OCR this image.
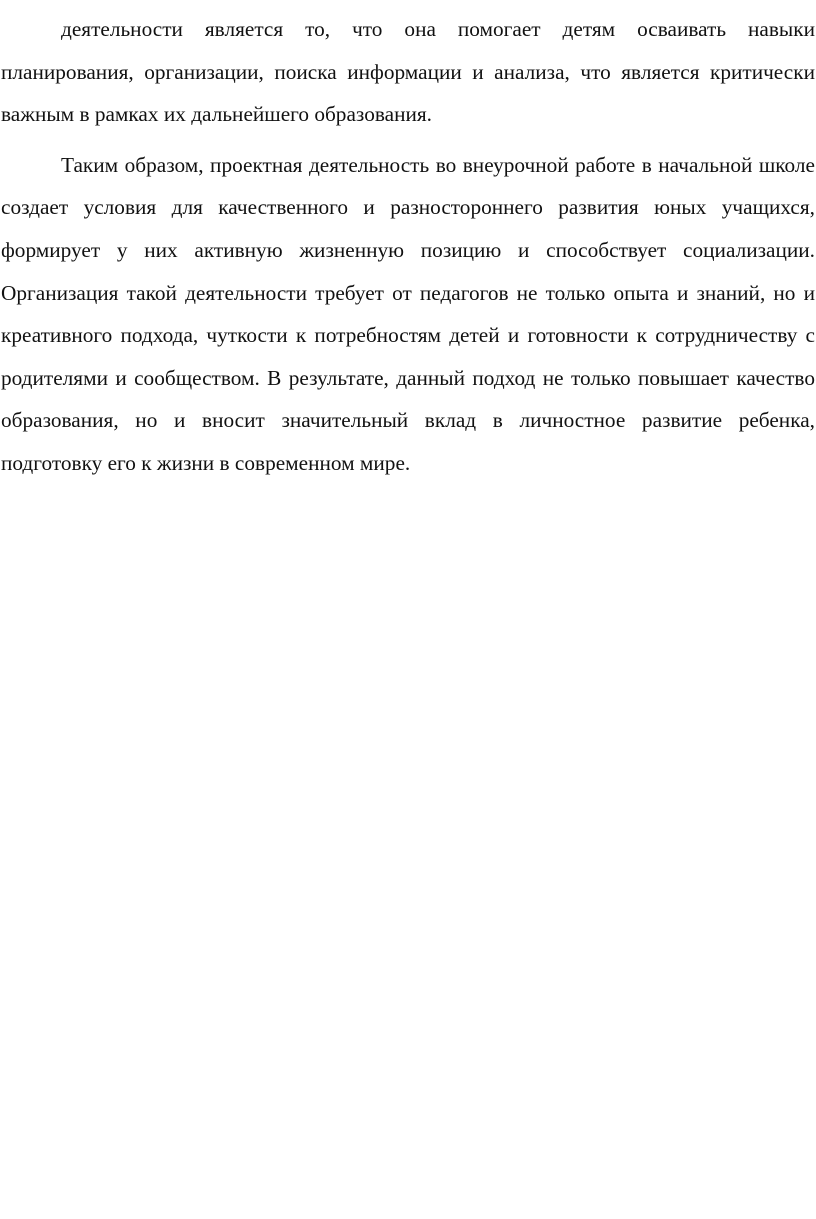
деятельности является то, что она помогает детям осваивать навыки планирования, организации, поиска информации и анализа, что является критически важным в рамках их дальнейшего образования.

Таким образом, проектная деятельность во внеурочной работе в начальной школе создает условия для качественного и разностороннего развития юных учащихся, формирует у них активную жизненную позицию и способствует социализации. Организация такой деятельности требует от педагогов не только опыта и знаний, но и креативного подхода, чуткости к потребностям детей и готовности к сотрудничеству с родителями и сообществом. В результате, данный подход не только повышает качество образования, но и вносит значительный вклад в личностное развитие ребенка, подготовку его к жизни в современном мире.
